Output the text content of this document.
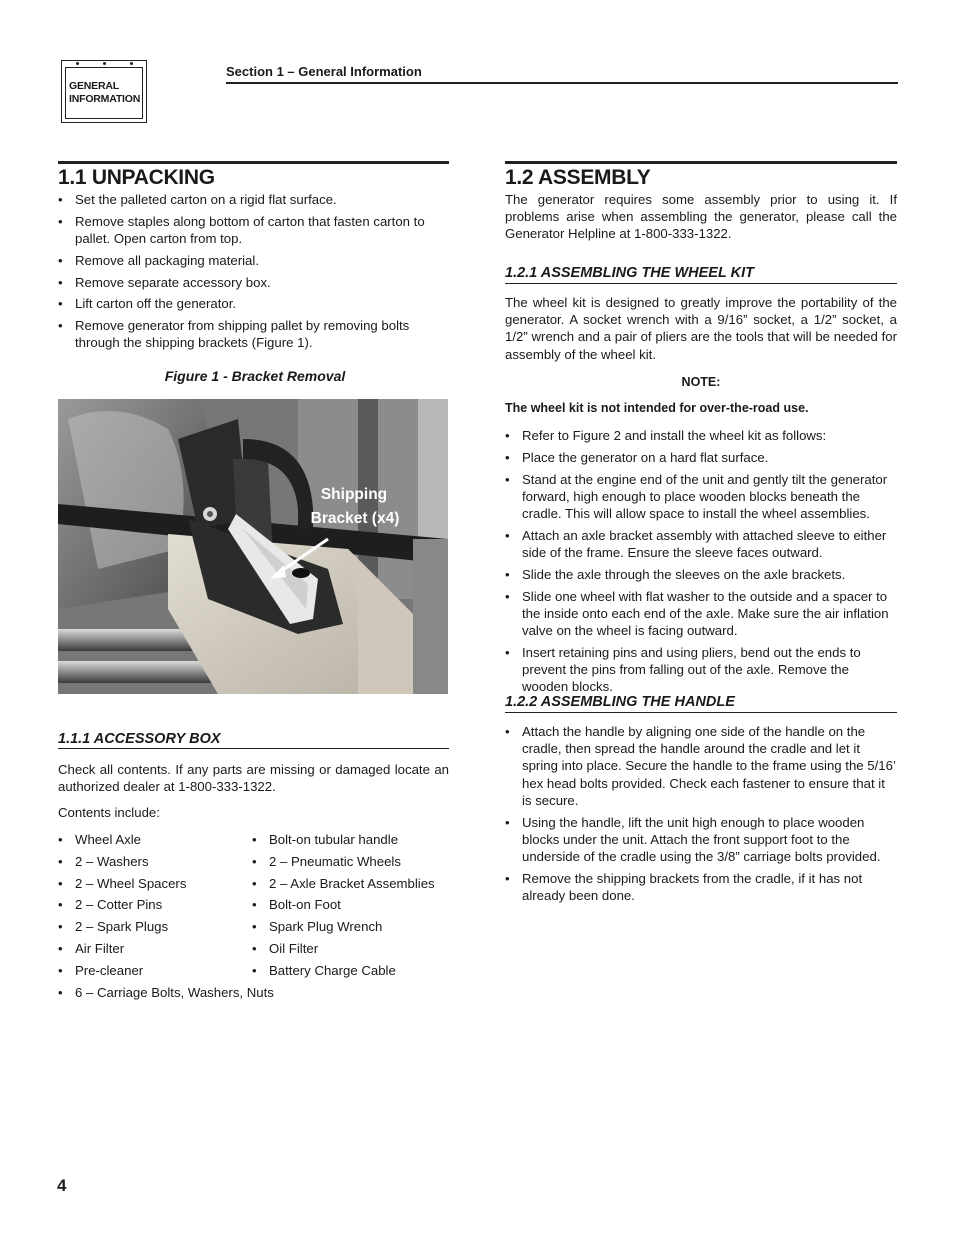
GENERAL
INFORMATION
Section 1 – General Information
1.1 UNPACKING
• Set the palleted carton on a rigid flat surface.
• Remove staples along bottom of carton that fasten carton to pallet. Open carton from top.
• Remove all packaging material.
• Remove separate accessory box.
• Lift carton off the generator.
• Remove generator from shipping pallet by removing bolts through the shipping brackets (Figure 1).
Figure 1 - Bracket Removal
Shipping
Bracket (x4)
1.1.1 ACCESSORY BOX
Check all contents. If any parts are missing or damaged locate an authorized dealer at 1-800-333-1322.
Contents include:
• Wheel Axle
• 2 – Washers
• 2 – Wheel Spacers
• 2 – Cotter Pins
• 2 – Spark Plugs
• Air Filter
• Pre-cleaner
• Bolt-on tubular handle
• 2 – Pneumatic Wheels
• 2 – Axle Bracket Assemblies
• Bolt-on Foot
• Spark Plug Wrench
• Oil Filter
• Battery Charge Cable
• 6 – Carriage Bolts, Washers, Nuts
1.2 ASSEMBLY
The generator requires some assembly prior to using it. If problems arise when assembling the generator, please call the Generator Helpline at 1-800-333-1322.
1.2.1 ASSEMBLING THE WHEEL KIT
The wheel kit is designed to greatly improve the portability of the generator. A socket wrench with a 9/16” socket, a 1/2” socket, a 1/2” wrench and a pair of pliers are the tools that will be needed for assembly of the wheel kit.
NOTE:
The wheel kit is not intended for over-the-road use.
• Refer to Figure 2 and install the wheel kit as follows:
• Place the generator on a hard flat surface.
• Stand at the engine end of the unit and gently tilt the generator forward, high enough to place wooden blocks beneath the cradle. This will allow space to install the wheel assemblies.
• Attach an axle bracket assembly with attached sleeve to either side of the frame. Ensure the sleeve faces outward.
• Slide the axle through the sleeves on the axle brackets.
• Slide one wheel with flat washer to the outside and a spacer to the inside onto each end of the axle. Make sure the air inflation valve on the wheel is facing outward.
• Insert retaining pins and using pliers, bend out the ends to prevent the pins from falling out of the axle. Remove the wooden blocks.
1.2.2 ASSEMBLING THE HANDLE
• Attach the handle by aligning one side of the handle on the cradle, then spread the handle around the cradle and let it spring into place. Secure the handle to the frame using the 5/16’ hex head bolts provided. Check each fastener to ensure that it is secure.
• Using the handle, lift the unit high enough to place wooden blocks under the unit. Attach the front support foot to the underside of the cradle using the 3/8” carriage bolts provided.
• Remove the shipping brackets from the cradle, if it has not already been done.
4
